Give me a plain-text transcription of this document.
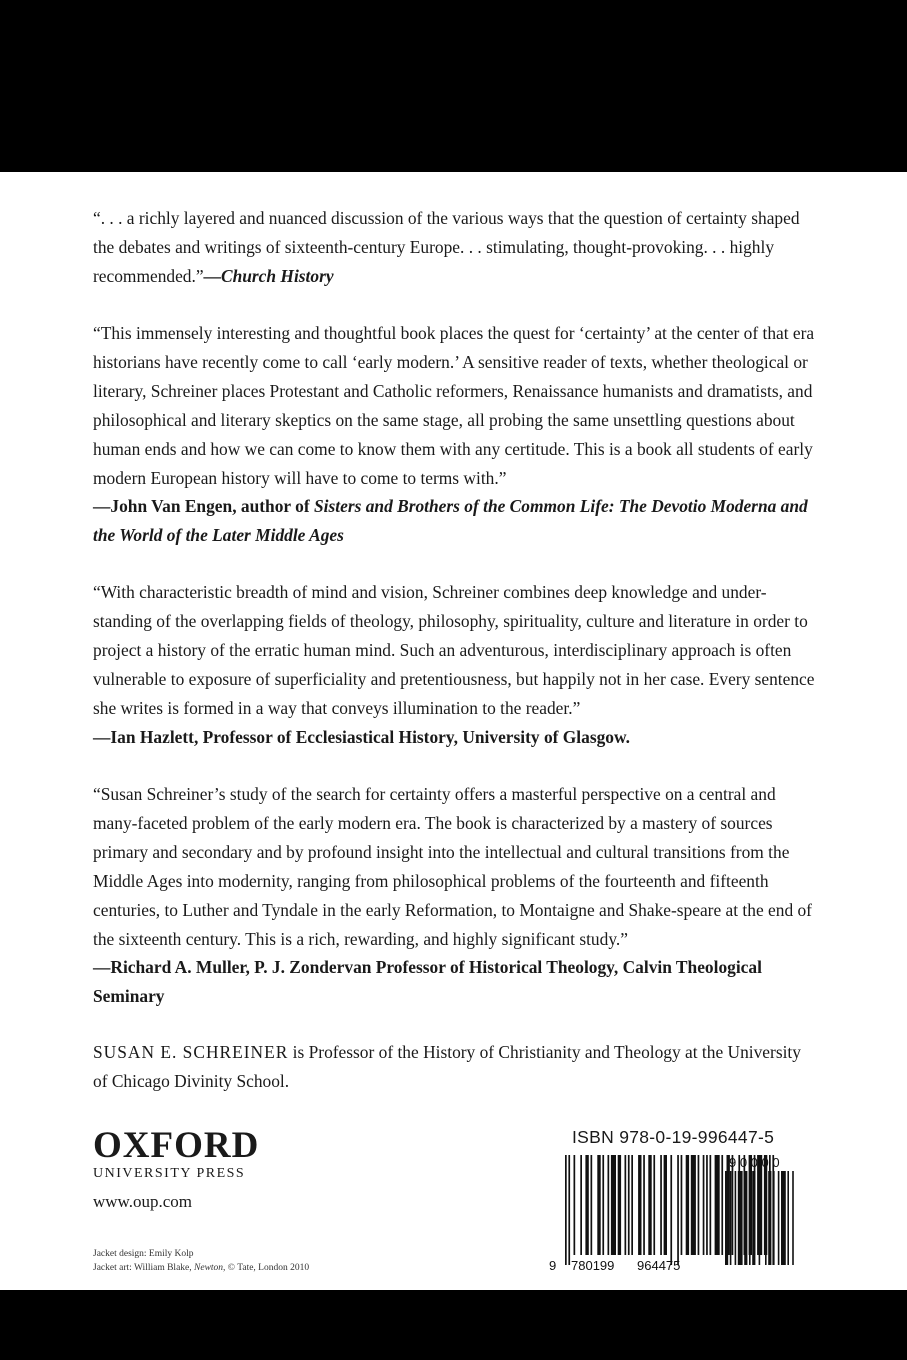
“. . . a richly layered and nuanced discussion of the various ways that the question of certainty shaped the debates and writings of sixteenth-century Europe. . . stimulating, thought-provoking. . . highly recommended.”—Church History

“This immensely interesting and thoughtful book places the quest for ‘certainty’ at the center of that era historians have recently come to call ‘early modern.’ A sensitive reader of texts, whether theological or literary, Schreiner places Protestant and Catholic reformers, Renaissance humanists and dramatists, and philosophical and literary skeptics on the same stage, all probing the same unsettling questions about human ends and how we can come to know them with any certitude. This is a book all students of early modern European history will have to come to terms with.”
—John Van Engen, author of Sisters and Brothers of the Common Life: The Devotio Moderna and the World of the Later Middle Ages

“With characteristic breadth of mind and vision, Schreiner combines deep knowledge and under-standing of the overlapping fields of theology, philosophy, spirituality, culture and literature in order to project a history of the erratic human mind. Such an adventurous, interdisciplinary approach is often vulnerable to exposure of superficiality and pretentiousness, but happily not in her case. Every sentence she writes is formed in a way that conveys illumination to the reader.”
—Ian Hazlett, Professor of Ecclesiastical History, University of Glasgow.

“Susan Schreiner’s study of the search for certainty offers a masterful perspective on a central and many-faceted problem of the early modern era. The book is characterized by a mastery of sources primary and secondary and by profound insight into the intellectual and cultural transitions from the Middle Ages into modernity, ranging from philosophical problems of the fourteenth and fifteenth centuries, to Luther and Tyndale in the early Reformation, to Montaigne and Shake-speare at the end of the sixteenth century. This is a rich, rewarding, and highly significant study.”
—Richard A. Muller, P. J. Zondervan Professor of Historical Theology, Calvin Theological Seminary

SUSAN E. SCHREINER is Professor of the History of Christianity and Theology at the University of Chicago Divinity School.

OXFORD
UNIVERSITY PRESS
www.oup.com
Jacket design: Emily Kolp
Jacket art: William Blake, Newton, © Tate, London 2010
ISBN 978-0-19-996447-5
9 780199 964475
9 0 0 0 0
